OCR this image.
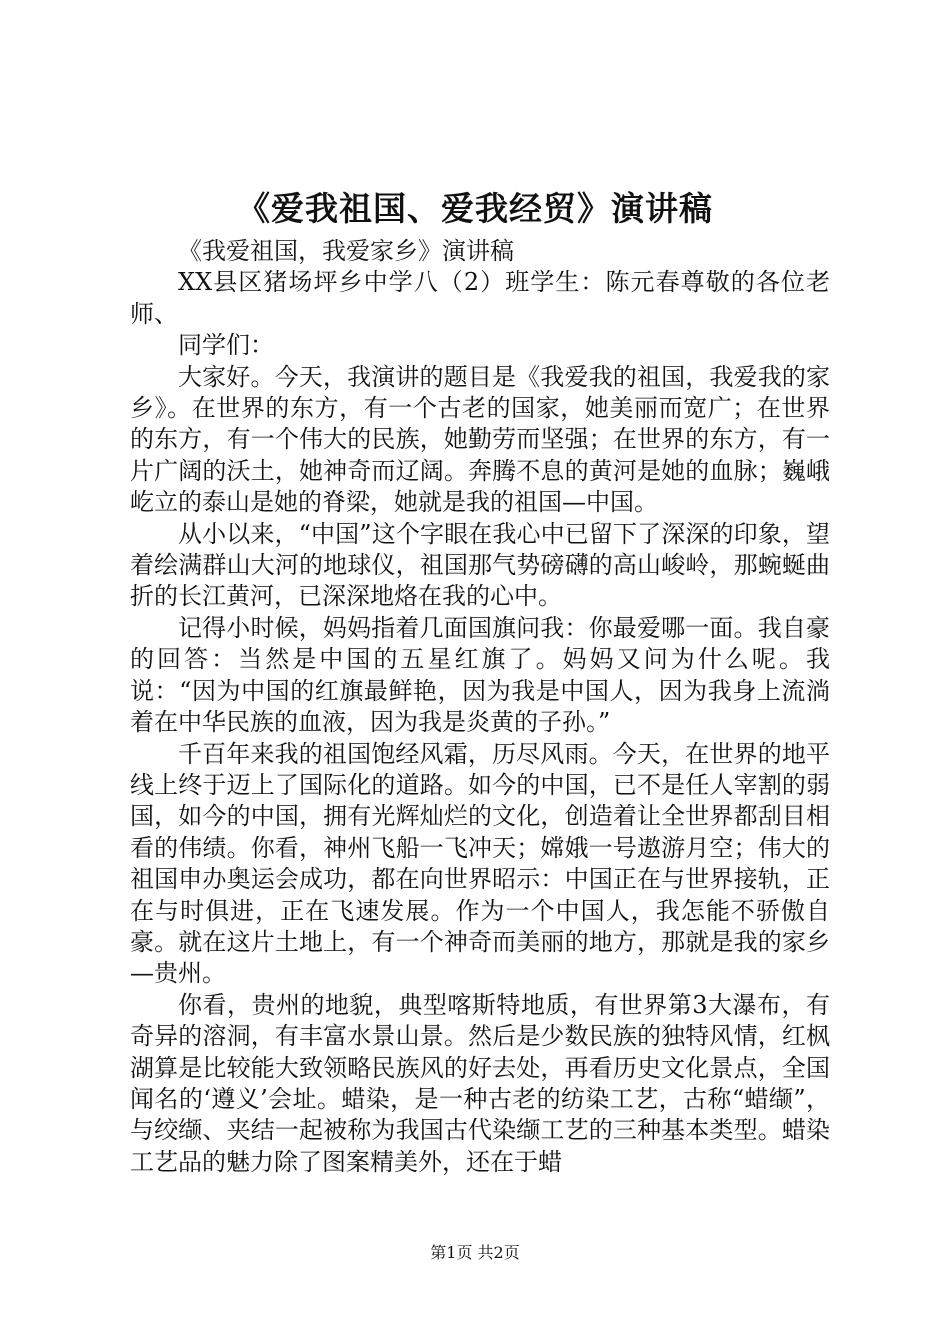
《爱我祖国、爱我经贸》演讲稿

《我爱祖国，我爱家乡》演讲稿

XX县区猪场坪乡中学八（2）班学生：陈元春尊敬的各位老师、

同学们：

大家好。今天，我演讲的题目是《我爱我的祖国，我爱我的家乡》。在世界的东方，有一个古老的国家，她美丽而宽广；在世界的东方，有一个伟大的民族，她勤劳而坚强；在世界的东方，有一片广阔的沃土，她神奇而辽阔。奔腾不息的黄河是她的血脉；巍峨屹立的泰山是她的脊梁，她就是我的祖国—中国。

从小以来，“中国”这个字眼在我心中已留下了深深的印象，望着绘满群山大河的地球仪，祖国那气势磅礴的高山峻岭，那蜿蜒曲折的长江黄河，已深深地烙在我的心中。

记得小时候，妈妈指着几面国旗问我：你最爱哪一面。我自豪的回答：当然是中国的五星红旗了。妈妈又问为什么呢。我说：“因为中国的红旗最鲜艳，因为我是中国人，因为我身上流淌着在中华民族的血液，因为我是炎黄的子孙。”

千百年来我的祖国饱经风霜，历尽风雨。今天，在世界的地平线上终于迈上了国际化的道路。如今的中国，已不是任人宰割的弱国，如今的中国，拥有光辉灿烂的文化，创造着让全世界都刮目相看的伟绩。你看，神州飞船一飞冲天；嫦娥一号遨游月空；伟大的祖国申办奥运会成功，都在向世界昭示：中国正在与世界接轨，正在与时俱进，正在飞速发展。作为一个中国人，我怎能不骄傲自豪。就在这片土地上，有一个神奇而美丽的地方，那就是我的家乡—贵州。

你看，贵州的地貌，典型喀斯特地质，有世界第3大瀑布，有奇异的溶洞，有丰富水景山景。然后是少数民族的独特风情，红枫湖算是比较能大致领略民族风的好去处，再看历史文化景点，全国闻名的‘遵义’会址。蜡染，是一种古老的纺染工艺，古称“蜡缬”，与绞缬、夹结一起被称为我国古代染缬工艺的三种基本类型。蜡染工艺品的魅力除了图案精美外，还在于蜡

第1页 共2页
